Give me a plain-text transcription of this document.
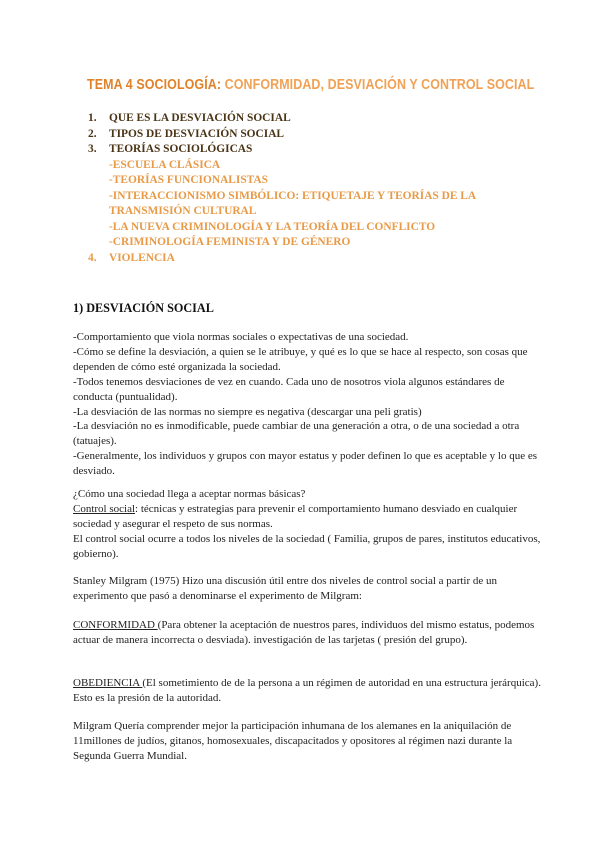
TEMA 4 SOCIOLOGÍA: CONFORMIDAD, DESVIACIÓN Y CONTROL SOCIAL
1.	QUE ES LA DESVIACIÓN SOCIAL
2.	TIPOS DE DESVIACIÓN SOCIAL
3.	TEORÍAS SOCIOLÓGICAS
-ESCUELA CLÁSICA
-TEORÍAS FUNCIONALISTAS
-INTERACCIONISMO SIMBÓLICO: ETIQUETAJE Y TEORÍAS DE LA
TRANSMISIÓN CULTURAL
-LA NUEVA CRIMINOLOGÍA Y LA TEORÍA DEL CONFLICTO
-CRIMINOLOGÍA FEMINISTA Y DE GÉNERO
4.	VIOLENCIA
1) DESVIACIÓN SOCIAL

-Comportamiento que viola normas sociales o expectativas de una sociedad.

-Cómo se define la desviación, a quien se le atribuye, y qué es lo que se hace al respecto, son cosas que dependen de cómo esté organizada la sociedad.

-Todos tenemos desviaciones de vez en cuando. Cada uno de nosotros viola algunos estándares de conducta (puntualidad).

-La desviación de las normas no siempre es negativa (descargar una peli gratis)

-La desviación no es inmodificable, puede cambiar de una generación a otra, o de una sociedad a otra (tatuajes).

-Generalmente, los individuos y grupos con mayor estatus y poder definen lo que es aceptable y lo que es desviado.

¿Cómo una sociedad llega a aceptar normas básicas?

Control social: técnicas y estrategias para prevenir el comportamiento humano desviado en cualquier sociedad y asegurar el respeto de sus normas.

El control social ocurre a todos los niveles de la sociedad ( Familia, grupos de pares, institutos educativos, gobierno).

Stanley Milgram (1975) Hizo una discusión útil entre dos niveles de control social a partir de un experimento que pasó a denominarse el experimento de Milgram:

CONFORMIDAD (Para obtener la aceptación de nuestros pares, individuos del mismo estatus, podemos actuar de manera incorrecta o desviada). investigación de las tarjetas ( presión del grupo).

OBEDIENCIA (El sometimiento de de la persona a un régimen de autoridad en una estructura jerárquica). Esto es la presión de la autoridad.

Milgram Quería comprender mejor la participación inhumana de los alemanes en la aniquilación de 11millones de judíos, gitanos, homosexuales, discapacitados y opositores al régimen nazi durante la Segunda Guerra Mundial.
